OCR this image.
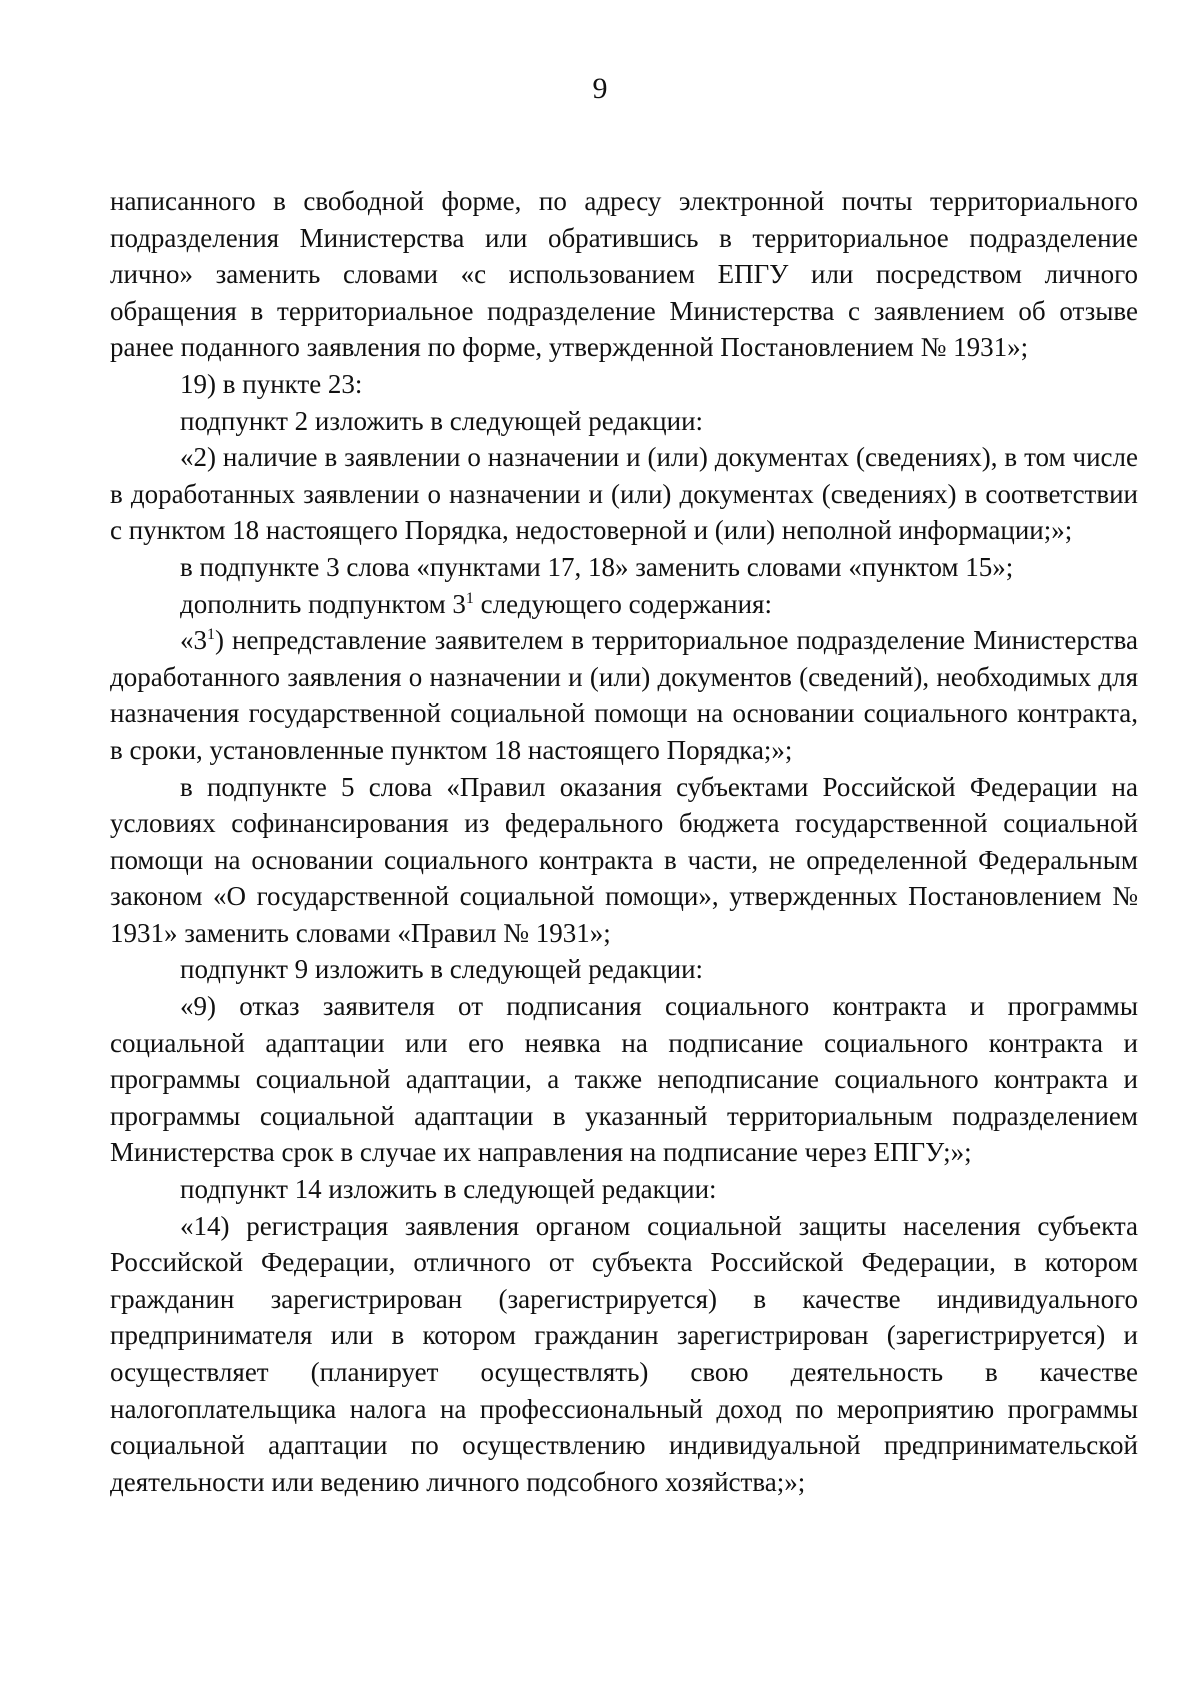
9

написанного в свободной форме, по адресу электронной почты территориального подразделения Министерства или обратившись в территориальное подразделение лично» заменить словами «с использованием ЕПГУ или посредством личного обращения в территориальное подразделение Министерства с заявлением об отзыве ранее поданного заявления по форме, утвержденной Постановлением № 1931»;

19) в пункте 23:

подпункт 2 изложить в следующей редакции:

«2) наличие в заявлении о назначении и (или) документах (сведениях), в том числе в доработанных заявлении о назначении и (или) документах (сведениях) в соответствии с пунктом 18 настоящего Порядка, недостоверной и (или) неполной информации;»;

в подпункте 3 слова «пунктами 17, 18» заменить словами «пунктом 15»;

дополнить подпунктом $3^1$ следующего содержания:

«$3^1$) непредставление заявителем в территориальное подразделение Министерства доработанного заявления о назначении и (или) документов (сведений), необходимых для назначения государственной социальной помощи на основании социального контракта, в сроки, установленные пунктом 18 настоящего Порядка;»;

в подпункте 5 слова «Правил оказания субъектами Российской Федерации на условиях софинансирования из федерального бюджета государственной социальной помощи на основании социального контракта в части, не определенной Федеральным законом «О государственной социальной помощи», утвержденных Постановлением № 1931» заменить словами «Правил № 1931»;

подпункт 9 изложить в следующей редакции:

«9) отказ заявителя от подписания социального контракта и программы социальной адаптации или его неявка на подписание социального контракта и программы социальной адаптации, а также неподписание социального контракта и программы социальной адаптации в указанный территориальным подразделением Министерства срок в случае их направления на подписание через ЕПГУ;»;

подпункт 14 изложить в следующей редакции:

«14) регистрация заявления органом социальной защиты населения субъекта Российской Федерации, отличного от субъекта Российской Федерации, в котором гражданин зарегистрирован (зарегистрируется) в качестве индивидуального предпринимателя или в котором гражданин зарегистрирован (зарегистрируется) и осуществляет (планирует осуществлять) свою деятельность в качестве налогоплательщика налога на профессиональный доход по мероприятию программы социальной адаптации по осуществлению индивидуальной предпринимательской деятельности или ведению личного подсобного хозяйства;»;
